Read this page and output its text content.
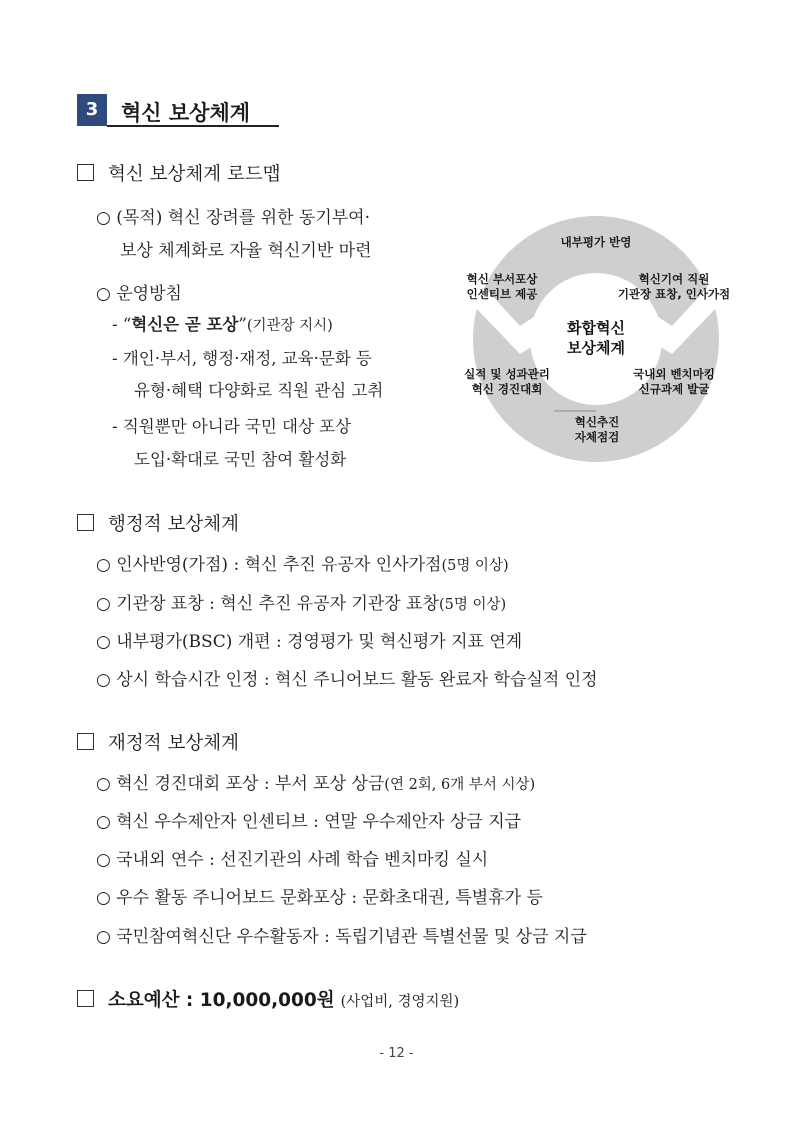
3	혁신 보상체계
혁신 보상체계 로드맵
○ (목적) 혁신 장려를 위한 동기부여·
보상 체계화로 자율 혁신기반 마련
○ 운영방침
- “혁신은 곧 포상”(기관장 지시)
- 개인·부서, 행정·재정, 교육·문화 등
유형·혜택 다양화로 직원 관심 고취
- 직원뿐만 아니라 국민 대상 포상
도입·확대로 국민 참여 활성화
화합혁신
보상체계
내부평가 반영
혁신 부서포상
인센티브 제공
혁신기여 직원
기관장 표창, 인사가점
실적 및 성과관리
혁신 경진대회
국내외 벤치마킹
신규과제 발굴
혁신추진
자체점검
행정적 보상체계
○ 인사반영(가점) : 혁신 추진 유공자 인사가점(5명 이상)
○ 기관장 표창 : 혁신 추진 유공자 기관장 표창(5명 이상)
○ 내부평가(BSC) 개편 : 경영평가 및 혁신평가 지표 연계
○ 상시 학습시간 인정 : 혁신 주니어보드 활동 완료자 학습실적 인정
재정적 보상체계
○ 혁신 경진대회 포상 : 부서 포상 상금(연 2회, 6개 부서 시상)
○ 혁신 우수제안자 인센티브 : 연말 우수제안자 상금 지급
○ 국내외 연수 : 선진기관의 사례 학습 벤치마킹 실시
○ 우수 활동 주니어보드 문화포상 : 문화초대권, 특별휴가 등
○ 국민참여혁신단 우수활동자 : 독립기념관 특별선물 및 상금 지급
소요예산 : 10,000,000원 (사업비, 경영지원)
- 12 -
